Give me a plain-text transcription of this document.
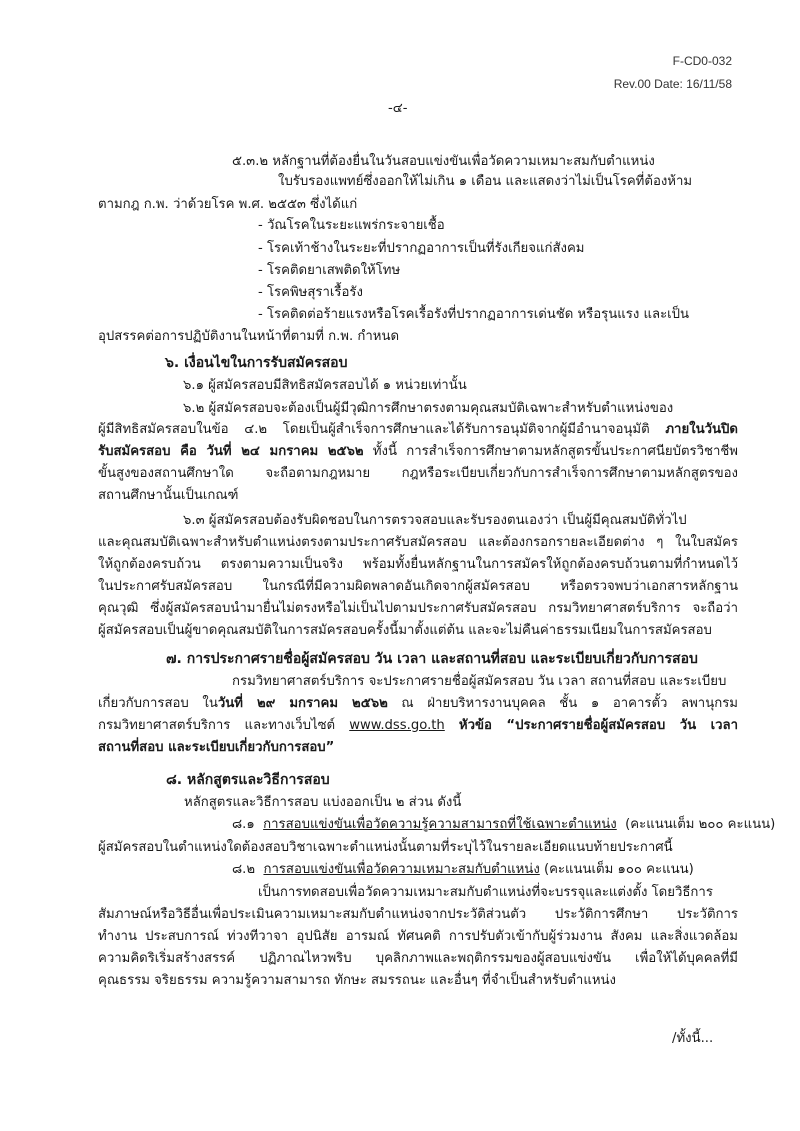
F-CD0-032
Rev.00 Date: 16/11/58
-๔-
๕.๓.๒ หลักฐานที่ต้องยื่นในวันสอบแข่งขันเพื่อวัดความเหมาะสมกับตำแหน่ง
ใบรับรองแพทย์ซึ่งออกให้ไม่เกิน ๑ เดือน และแสดงว่าไม่เป็นโรคที่ต้องห้าม
ตามกฎ ก.พ. ว่าด้วยโรค พ.ศ. ๒๕๕๓ ซึ่งได้แก่
- วัณโรคในระยะแพร่กระจายเชื้อ
- โรคเท้าช้างในระยะที่ปรากฏอาการเป็นที่รังเกียจแก่สังคม
- โรคติดยาเสพติดให้โทษ
- โรคพิษสุราเรื้อรัง
- โรคติดต่อร้ายแรงหรือโรคเรื้อรังที่ปรากฏอาการเด่นชัด หรือรุนแรง และเป็น
อุปสรรคต่อการปฏิบัติงานในหน้าที่ตามที่ ก.พ. กำหนด
๖. เงื่อนไขในการรับสมัครสอบ
๖.๑ ผู้สมัครสอบมีสิทธิสมัครสอบได้ ๑ หน่วยเท่านั้น
๖.๒ ผู้สมัครสอบจะต้องเป็นผู้มีวุฒิการศึกษาตรงตามคุณสมบัติเฉพาะสำหรับตำแหน่งของ
ผู้มีสิทธิสมัครสอบในข้อ ๔.๒ โดยเป็นผู้สำเร็จการศึกษาและได้รับการอนุมัติจากผู้มีอำนาจอนุมัติ ภายในวันปิด
รับสมัครสอบ คือ วันที่ ๒๔ มกราคม ๒๕๖๒ ทั้งนี้ การสำเร็จการศึกษาตามหลักสูตรขั้นประกาศนียบัตรวิชาชีพ
ขั้นสูงของสถานศึกษาใด จะถือตามกฎหมาย กฎหรือระเบียบเกี่ยวกับการสำเร็จการศึกษาตามหลักสูตรของ
สถานศึกษานั้นเป็นเกณฑ์
๖.๓ ผู้สมัครสอบต้องรับผิดชอบในการตรวจสอบและรับรองตนเองว่า เป็นผู้มีคุณสมบัติทั่วไป
และคุณสมบัติเฉพาะสำหรับตำแหน่งตรงตามประกาศรับสมัครสอบ และต้องกรอกรายละเอียดต่าง ๆ ในใบสมัคร
ให้ถูกต้องครบถ้วน ตรงตามความเป็นจริง พร้อมทั้งยื่นหลักฐานในการสมัครให้ถูกต้องครบถ้วนตามที่กำหนดไว้
ในประกาศรับสมัครสอบ ในกรณีที่มีความผิดพลาดอันเกิดจากผู้สมัครสอบ หรือตรวจพบว่าเอกสารหลักฐาน
คุณวุฒิ ซึ่งผู้สมัครสอบนำมายื่นไม่ตรงหรือไม่เป็นไปตามประกาศรับสมัครสอบ กรมวิทยาศาสตร์บริการ จะถือว่า
ผู้สมัครสอบเป็นผู้ขาดคุณสมบัติในการสมัครสอบครั้งนี้มาตั้งแต่ต้น และจะไม่คืนค่าธรรมเนียมในการสมัครสอบ
๗. การประกาศรายชื่อผู้สมัครสอบ วัน เวลา และสถานที่สอบ และระเบียบเกี่ยวกับการสอบ
กรมวิทยาศาสตร์บริการ จะประกาศรายชื่อผู้สมัครสอบ วัน เวลา สถานที่สอบ และระเบียบ
เกี่ยวกับการสอบ ในวันที่ ๒๙ มกราคม ๒๕๖๒ ณ ฝ่ายบริหารงานบุคคล ชั้น ๑ อาคารตั้ว ลพานุกรม
กรมวิทยาศาสตร์บริการ และทางเว็บไซต์ www.dss.go.th หัวข้อ “ประกาศรายชื่อผู้สมัครสอบ วัน เวลา
สถานที่สอบ และระเบียบเกี่ยวกับการสอบ”
๘. หลักสูตรและวิธีการสอบ
หลักสูตรและวิธีการสอบ แบ่งออกเป็น ๒ ส่วน ดังนี้
๘.๑ การสอบแข่งขันเพื่อวัดความรู้ความสามารถที่ใช้เฉพาะตำแหน่ง (คะแนนเต็ม ๒๐๐ คะแนน)
ผู้สมัครสอบในตำแหน่งใดต้องสอบวิชาเฉพาะตำแหน่งนั้นตามที่ระบุไว้ในรายละเอียดแนบท้ายประกาศนี้
๘.๒ การสอบแข่งขันเพื่อวัดความเหมาะสมกับตำแหน่ง (คะแนนเต็ม ๑๐๐ คะแนน)
เป็นการทดสอบเพื่อวัดความเหมาะสมกับตำแหน่งที่จะบรรจุและแต่งตั้ง โดยวิธีการ
สัมภาษณ์หรือวิธีอื่นเพื่อประเมินความเหมาะสมกับตำแหน่งจากประวัติส่วนตัว ประวัติการศึกษา ประวัติการ
ทำงาน ประสบการณ์ ท่วงทีวาจา อุปนิสัย อารมณ์ ทัศนคติ การปรับตัวเข้ากับผู้ร่วมงาน สังคม และสิ่งแวดล้อม
ความคิดริเริ่มสร้างสรรค์ ปฏิภาณไหวพริบ บุคลิกภาพและพฤติกรรมของผู้สอบแข่งขัน เพื่อให้ได้บุคคลที่มี
คุณธรรม จริยธรรม ความรู้ความสามารถ ทักษะ สมรรถนะ และอื่นๆ ที่จำเป็นสำหรับตำแหน่ง
/ทั้งนี้...
